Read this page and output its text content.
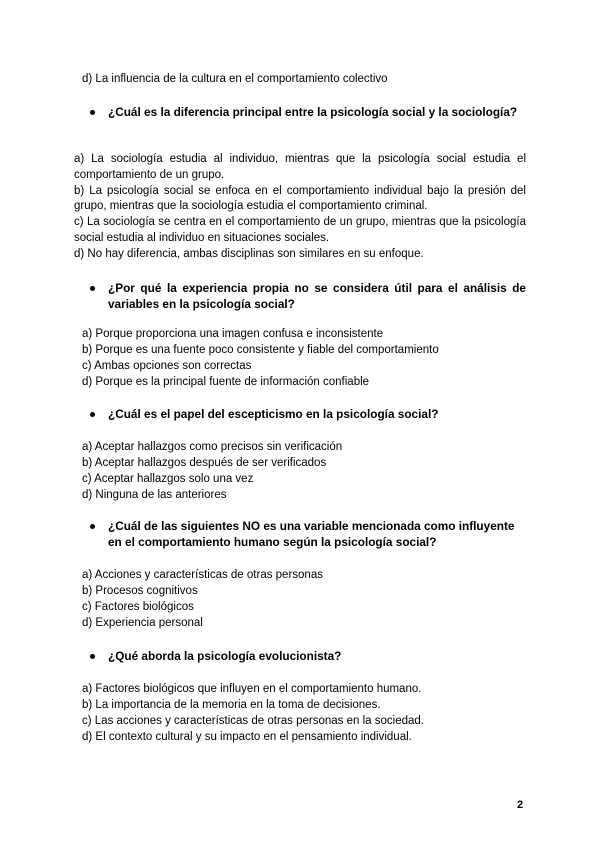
d) La influencia de la cultura en el comportamiento colectivo
¿Cuál es la diferencia principal entre la psicología social y la sociología?
a) La sociología estudia al individuo, mientras que la psicología social estudia el comportamiento de un grupo.
b) La psicología social se enfoca en el comportamiento individual bajo la presión del grupo, mientras que la sociología estudia el comportamiento criminal.
c) La sociología se centra en el comportamiento de un grupo, mientras que la psicología social estudia al individuo en situaciones sociales.
d) No hay diferencia, ambas disciplinas son similares en su enfoque.
¿Por qué la experiencia propia no se considera útil para el análisis de variables en la psicología social?
a) Porque proporciona una imagen confusa e inconsistente
b) Porque es una fuente poco consistente y fiable del comportamiento
c) Ambas opciones son correctas
d) Porque es la principal fuente de información confiable
¿Cuál es el papel del escepticismo en la psicología social?
a) Aceptar hallazgos como precisos sin verificación
b) Aceptar hallazgos después de ser verificados
c) Aceptar hallazgos solo una vez
d) Ninguna de las anteriores
¿Cuál de las siguientes NO es una variable mencionada como influyente en el comportamiento humano según la psicología social?
a) Acciones y características de otras personas
b) Procesos cognitivos
c) Factores biológicos
d) Experiencia personal
¿Qué aborda la psicología evolucionista?
a) Factores biológicos que influyen en el comportamiento humano.
b) La importancia de la memoria en la toma de decisiones.
c) Las acciones y características de otras personas en la sociedad.
d) El contexto cultural y su impacto en el pensamiento individual.
2
